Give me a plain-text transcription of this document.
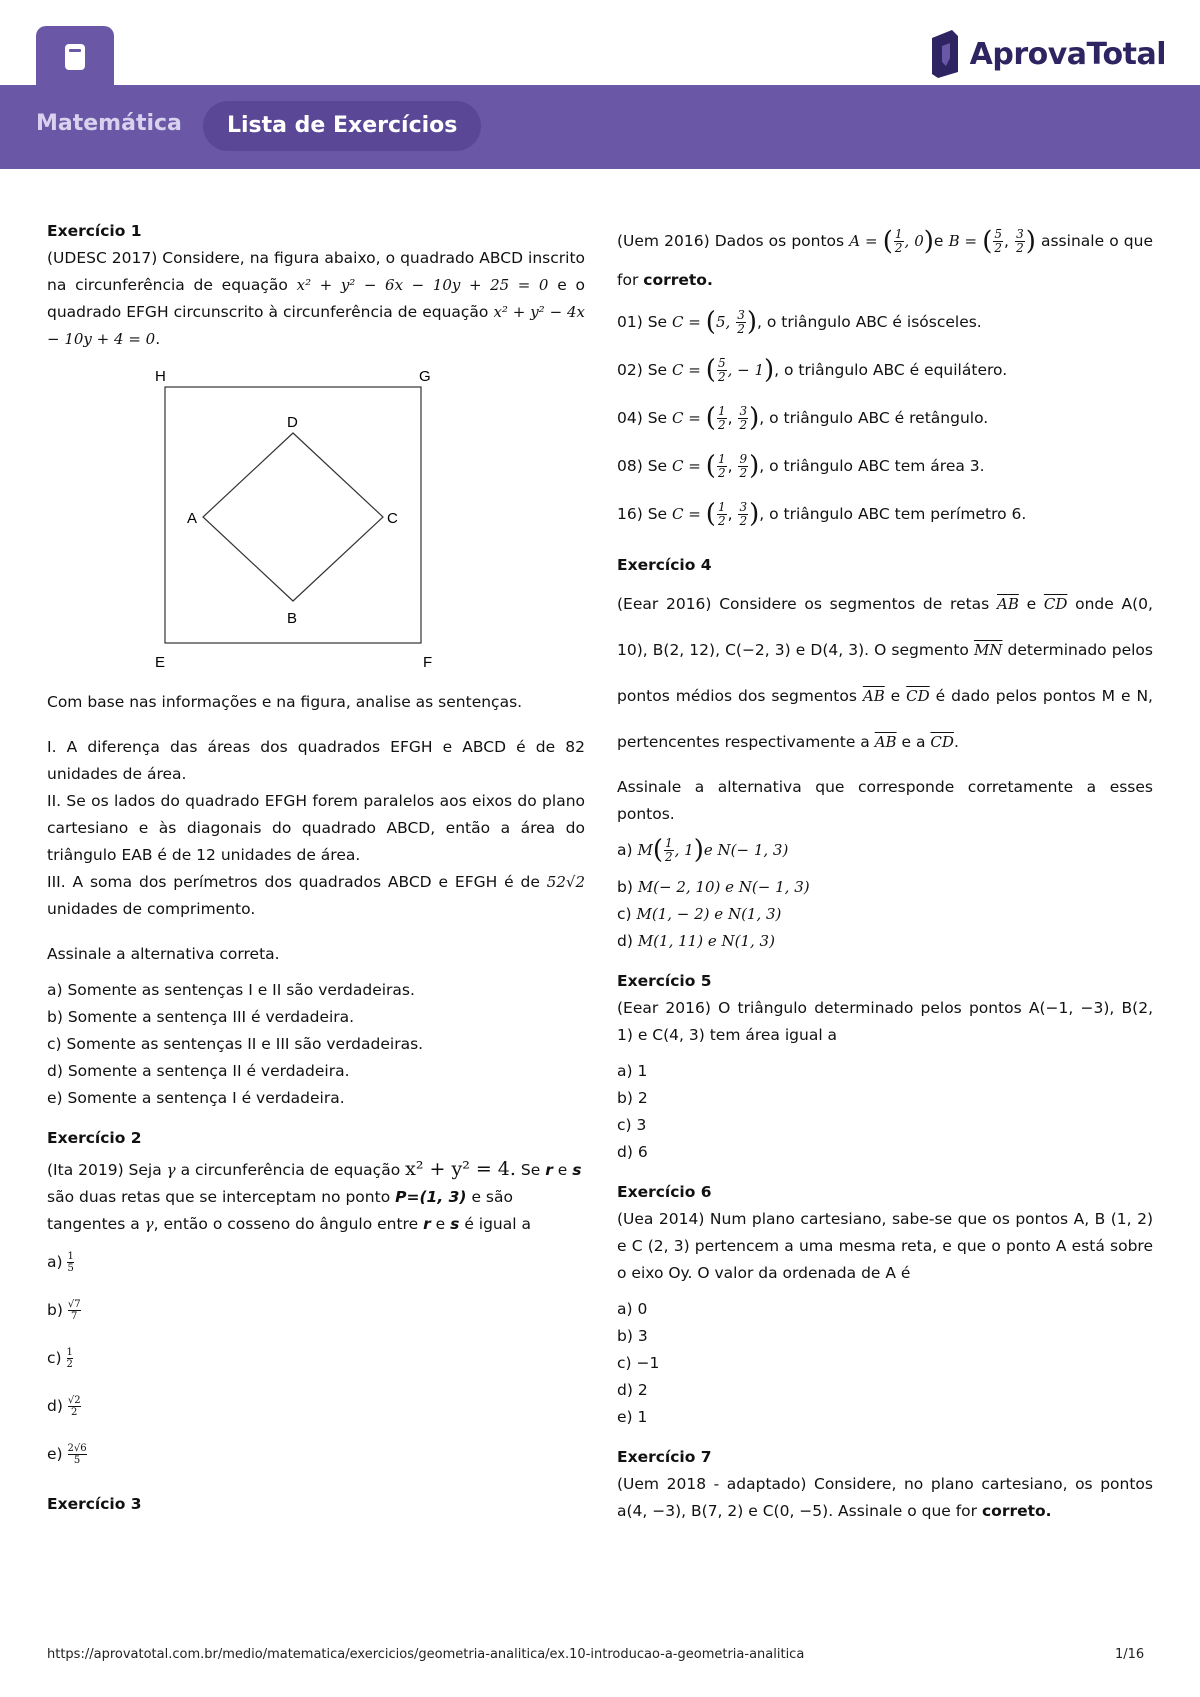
AprovaTotal
Matemática	Lista de Exercícios
Exercício 1
(UDESC 2017) Considere, na figura abaixo, o quadrado ABCD inscrito na circunferência de equação x² + y² − 6x − 10y + 25 = 0 e o quadrado EFGH circunscrito à circunferência de equação x² + y² − 4x − 10y + 4 = 0.
H	G
E	F
D
C
A
B
Com base nas informações e na figura, analise as sentenças.
I. A diferença das áreas dos quadrados EFGH e ABCD é de 82 unidades de área.
II. Se os lados do quadrado EFGH forem paralelos aos eixos do plano cartesiano e às diagonais do quadrado ABCD, então a área do triângulo EAB é de 12 unidades de área.
III. A soma dos perímetros dos quadrados ABCD e EFGH é de 52√2 unidades de comprimento.
Assinale a alternativa correta.
a) Somente as sentenças I e II são verdadeiras.
b) Somente a sentença III é verdadeira.
c) Somente as sentenças II e III são verdadeiras.
d) Somente a sentença II é verdadeira.
e) Somente a sentença I é verdadeira.
Exercício 2
(Ita 2019) Seja γ a circunferência de equação x² + y² = 4. Se r e s são duas retas que se interceptam no ponto P=(1, 3) e são tangentes a γ, então o cosseno do ângulo entre r e s é igual a
a)
$\frac{1}{5}$
b)
$\frac{√7}{7}$
c)
$\frac{1}{2}$
d)
$\frac{√2}{2}$
e)
$\frac{2√6}{5}$
Exercício 3
(Uem 2016) Dados os pontos A = ( $\frac{1}{2}$ , 0)e B = ( $\frac{5}{2}$ , $\frac{3}{2}$ ) assinale o que for correto.
01) Se
C =
( 5,
$\frac{3}{2}$ ) , o triângulo ABC é isósceles.
02) Se
C =
( $\frac{5}{2}$ , − 1 ) , o triângulo ABC é equilátero.
04) Se
C =
( $\frac{1}{2}$ , $\frac{3}{2}$ ) , o triângulo ABC é retângulo.
08) Se
C =
( $\frac{1}{2}$ , $\frac{9}{2}$ ) , o triângulo ABC tem área 3.
16) Se
C =
( $\frac{1}{2}$ , $\frac{3}{2}$ ) , o triângulo ABC tem perímetro 6.
Exercício 4
(Eear 2016) Considere os segmentos de retas $\overline{AB}$ e $\overline{CD}$ onde A(0, 10), B(2, 12), C(−2, 3) e D(4, 3). O segmento $\overline{MN}$ determinado pelos pontos médios dos segmentos $\overline{AB}$ e $\overline{CD}$ é dado pelos pontos M e N, pertencentes respectivamente a $\overline{AB}$ e a $\overline{CD}$.
Assinale a alternativa que corresponde corretamente a esses pontos.
a)
M ( $\frac{1}{2}$ , 1 ) e N(− 1, 3)
b) M(− 2, 10) e N(− 1, 3)
c) M(1, − 2) e N(1, 3)
d) M(1, 11) e N(1, 3)
Exercício 5
(Eear 2016) O triângulo determinado pelos pontos A(−1, −3), B(2, 1) e C(4, 3) tem área igual a
a) 1
b) 2
c) 3
d) 6
Exercício 6
(Uea 2014) Num plano cartesiano, sabe-se que os pontos A, B (1, 2) e C (2, 3) pertencem a uma mesma reta, e que o ponto A está sobre o eixo Oy. O valor da ordenada de A é
a) 0
b) 3
c) −1
d) 2
e) 1
Exercício 7
(Uem 2018 - adaptado) Considere, no plano cartesiano, os pontos a(4, −3), B(7, 2) e C(0, −5). Assinale o que for correto.
https://aprovatotal.com.br/medio/matematica/exercicios/geometria-analitica/ex.10-introducao-a-geometria-analitica	1/16
